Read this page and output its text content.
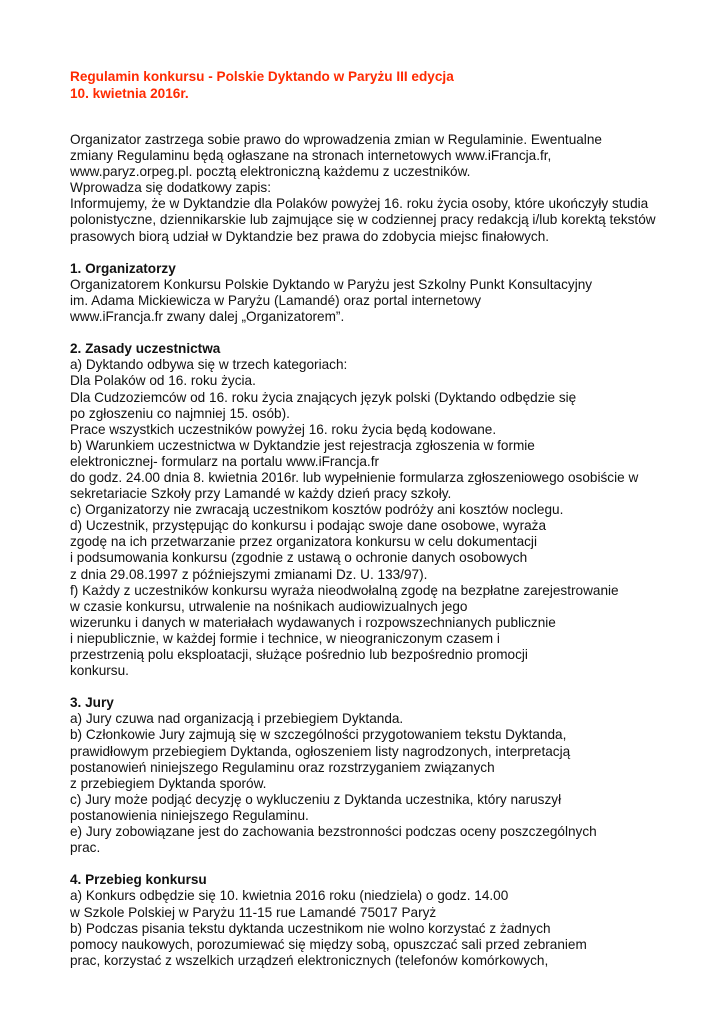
Regulamin konkursu - Polskie Dyktando w Paryżu III edycja
10. kwietnia 2016r.
Organizator zastrzega sobie prawo do wprowadzenia zmian w Regulaminie. Ewentualne
zmiany Regulaminu będą ogłaszane na stronach internetowych www.iFrancja.fr,
www.paryz.orpeg.pl. pocztą elektroniczną każdemu z uczestników.
Wprowadza się dodatkowy zapis:
Informujemy, że w Dyktandzie dla Polaków powyżej 16. roku życia osoby, które ukończyły studia
polonistyczne, dziennikarskie lub zajmujące się w codziennej pracy redakcją i/lub korektą tekstów
prasowych biorą udział w Dyktandzie bez prawa do zdobycia miejsc finałowych.
1. Organizatorzy
Organizatorem Konkursu Polskie Dyktando w Paryżu jest Szkolny Punkt Konsultacyjny
im. Adama Mickiewicza w Paryżu (Lamandé) oraz portal internetowy
www.iFrancja.fr zwany dalej „Organizatorem”.
2. Zasady uczestnictwa
a) Dyktando odbywa się w trzech kategoriach:
Dla Polaków od 16. roku życia.
Dla Cudzoziemców od 16. roku życia znających język polski (Dyktando odbędzie się
po zgłoszeniu co najmniej 15. osób).
Prace wszystkich uczestników powyżej 16. roku życia będą kodowane.
b) Warunkiem uczestnictwa w Dyktandzie jest rejestracja zgłoszenia w formie
elektronicznej- formularz na portalu www.iFrancja.fr
do godz. 24.00 dnia 8. kwietnia 2016r. lub wypełnienie formularza zgłoszeniowego osobiście w
sekretariacie Szkoły przy Lamandé w każdy dzień pracy szkoły.
c) Organizatorzy nie zwracają uczestnikom kosztów podróży ani kosztów noclegu.
d) Uczestnik, przystępując do konkursu i podając swoje dane osobowe, wyraża
zgodę na ich przetwarzanie przez organizatora konkursu w celu dokumentacji
i podsumowania konkursu (zgodnie z ustawą o ochronie danych osobowych
z dnia 29.08.1997 z późniejszymi zmianami Dz. U. 133/97).
f) Każdy z uczestników konkursu wyraża nieodwołalną zgodę na bezpłatne zarejestrowanie
w czasie konkursu, utrwalenie na nośnikach audiowizualnych jego
wizerunku i danych w materiałach wydawanych i rozpowszechnianych publicznie
i niepublicznie, w każdej formie i technice, w nieograniczonym czasem i
przestrzenią polu eksploatacji, służące pośrednio lub bezpośrednio promocji
konkursu.
3. Jury
a) Jury czuwa nad organizacją i przebiegiem Dyktanda.
b) Członkowie Jury zajmują się w szczególności przygotowaniem tekstu Dyktanda,
prawidłowym przebiegiem Dyktanda, ogłoszeniem listy nagrodzonych, interpretacją
postanowień niniejszego Regulaminu oraz rozstrzyganiem związanych
z przebiegiem Dyktanda sporów.
c) Jury może podjąć decyzję o wykluczeniu z Dyktanda uczestnika, który naruszył
postanowienia niniejszego Regulaminu.
e) Jury zobowiązane jest do zachowania bezstronności podczas oceny poszczególnych
prac.
4. Przebieg konkursu
a) Konkurs odbędzie się 10. kwietnia 2016 roku (niedziela) o godz. 14.00
w Szkole Polskiej w Paryżu 11-15 rue Lamandé 75017 Paryż
b) Podczas pisania tekstu dyktanda uczestnikom nie wolno korzystać z żadnych
pomocy naukowych, porozumiewać się między sobą, opuszczać sali przed zebraniem
prac, korzystać z wszelkich urządzeń elektronicznych (telefonów komórkowych,
